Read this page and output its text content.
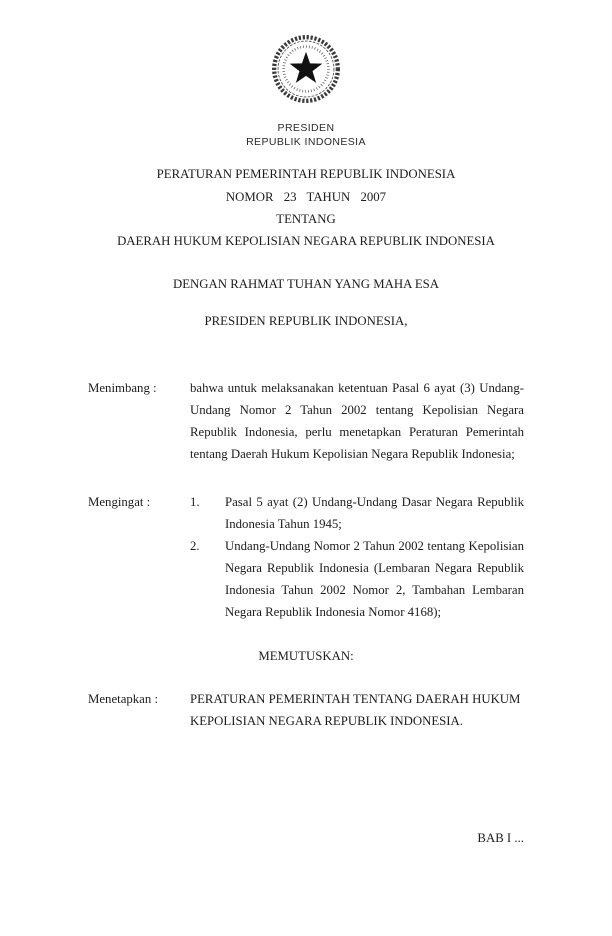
PRESIDEN
REPUBLIK INDONESIA
PERATURAN PEMERINTAH REPUBLIK INDONESIA
NOMOR 23 TAHUN 2007
TENTANG
DAERAH HUKUM KEPOLISIAN NEGARA REPUBLIK INDONESIA
DENGAN RAHMAT TUHAN YANG MAHA ESA
PRESIDEN REPUBLIK INDONESIA,
Menimbang :	bahwa untuk melaksanakan ketentuan Pasal 6 ayat (3) Undang-Undang Nomor 2 Tahun 2002 tentang Kepolisian Negara Republik Indonesia, perlu menetapkan Peraturan Pemerintah tentang Daerah Hukum Kepolisian Negara Republik Indonesia;
Mengingat :	1.	Pasal 5 ayat (2) Undang-Undang Dasar Negara Republik Indonesia Tahun 1945;
2.	Undang-Undang Nomor 2 Tahun 2002 tentang Kepolisian Negara Republik Indonesia (Lembaran Negara Republik Indonesia Tahun 2002 Nomor 2, Tambahan Lembaran Negara Republik Indonesia Nomor 4168);
MEMUTUSKAN:
Menetapkan :	PERATURAN PEMERINTAH TENTANG DAERAH HUKUM KEPOLISIAN NEGARA REPUBLIK INDONESIA.
BAB I ...
